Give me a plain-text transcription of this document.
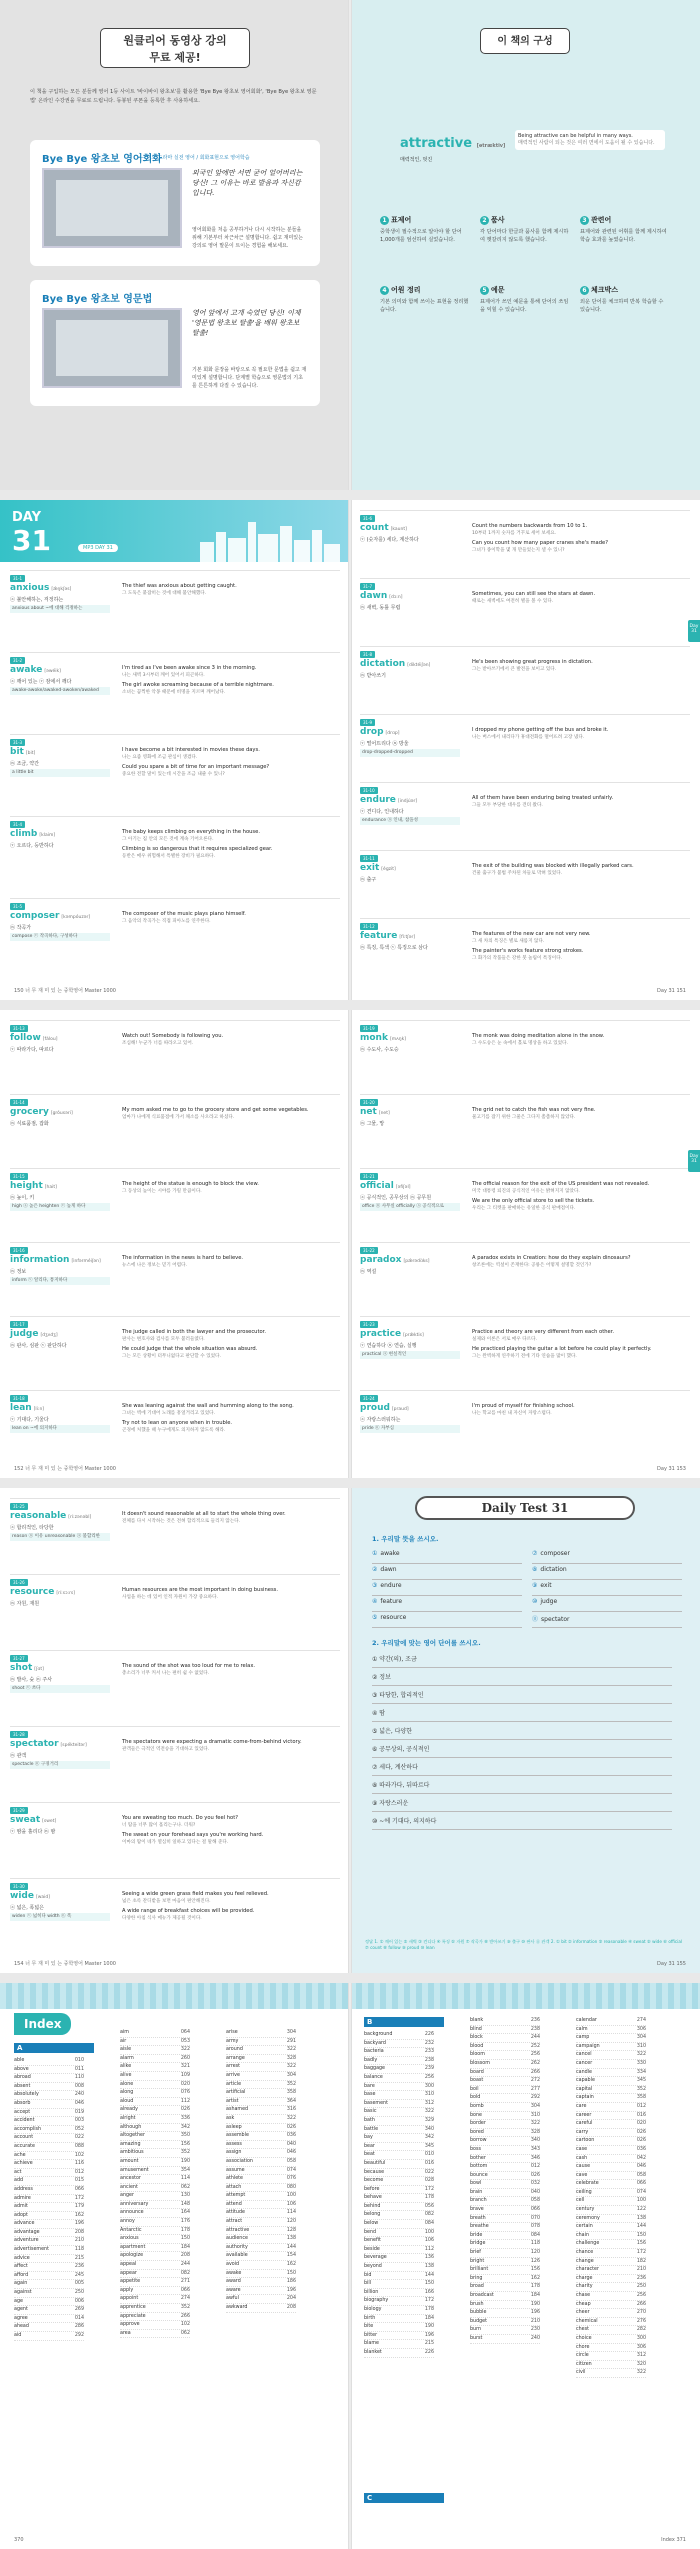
원클리어 동영상 강의
무료 제공!
이 책을 구입하는 모든 분들께 영어 1등 사이트 '바이바이 왕초보'를 활용한 'Bye Bye 왕초보 영어회화', 'Bye Bye 왕초보 영문법' 온라인 수강권을 무료로 드립니다. 동봉된 쿠폰을 등록한 후 사용하세요.
Bye Bye 왕초보 영어회화
— 미드 드라마 실전 영어 / 회화표현으로 영어학습
외국인 앞에만 서면 굳어 얼어버리는 당신! 그 이유는 바로 발음과 자신감입니다.
영어회화를 처음 공부하거나 다시 시작하는 분들을 위해 기본부터 차근차근 설명합니다. 쉽고 재미있는 강의로 영어 말문이 트이는 경험을 해보세요.
Bye Bye 왕초보 영문법
영어 앞에서 고개 숙였던 당신! 이제 '영문법 왕초보 탈출'을 배워 왕초보 탈출!
기본 회화 문장을 바탕으로 꼭 필요한 문법을 쉽고 재미있게 설명합니다. 단계별 학습으로 영문법의 기초를 튼튼하게 다질 수 있습니다.
이 책의 구성
attractive [ətræktiv]
매력적인, 멋진
Being attractive can be helpful in many ways.
매력적인 사람이 되는 것은 여러 면에서 도움이 될 수 있습니다.
1 표제어
중학생이 필수적으로 알아야 할 단어 1,000개를 엄선하여 실었습니다.
2 품사
각 단어마다 한글과 품사를 함께 제시하여 헷갈리지 않도록 했습니다.
3 관련어
표제어와 관련된 어휘를 함께 제시하여 학습 효과를 높였습니다.
4 어원 정리
기본 의미와 함께 쓰이는 표현을 정리했습니다.
5 예문
표제어가 쓰인 예문을 통해 단어의 쓰임을 익힐 수 있습니다.
6 체크박스
외운 단어를 체크하며 반복 학습할 수 있습니다.
DAY
31	MP3 DAY 31
31-1
anxious [ǽŋkʃəs]
ⓐ 불안해하는, 걱정하는
anxious about ~에 대해 걱정하는
The thief was anxious about getting caught.
그 도둑은 붙잡히는 것에 대해 불안해했다.
31-2
awake [əwéik]
ⓐ 깨어 있는 ⓥ 잠에서 깨다
awake-awoke/awaked-awoken/awaked
I'm tired as I've been awake since 3 in the morning.
나는 새벽 3시부터 깨어 있어서 피곤하다.
The girl awoke screaming because of a terrible nightmare.
소녀는 끔찍한 악몽 때문에 비명을 지르며 깨어났다.
31-3
bit [bit]
ⓝ 조금, 약간
a little bit
I have become a bit interested in movies these days.
나는 요즘 영화에 조금 관심이 생겼다.
Could you spare a bit of time for an important message?
중요한 전할 말이 있는데 시간을 조금 내줄 수 있니?
31-4
climb [klaim]
ⓥ 오르다, 등반하다
The baby keeps climbing on everything in the house.
그 아기는 집 안의 모든 것에 계속 기어오른다.
Climbing is so dangerous that it requires specialized gear.
등반은 매우 위험해서 특별한 장비가 필요하다.
31-5
composer [kəmpóuzər]
ⓝ 작곡가
compose ⓥ 작곡하다, 구성하다
The composer of the music plays piano himself.
그 음악의 작곡가는 직접 피아노를 연주한다.
150 너 무 재 미 있 는 중학영어 Master 1000
31-6
count [kaunt]
ⓥ (숫자를) 세다, 계산하다
Count the numbers backwards from 10 to 1.
10부터 1까지 숫자를 거꾸로 세어 보세요.
Can you count how many paper cranes she's made?
그녀가 종이학을 몇 개 만들었는지 셀 수 있니?
31-7
dawn [dɔːn]
ⓝ 새벽, 동틀 무렵
Sometimes, you can still see the stars at dawn.
때로는 새벽에도 여전히 별을 볼 수 있다.
31-8
dictation [diktéiʃən]
ⓝ 받아쓰기
He's been showing great progress in dictation.
그는 받아쓰기에서 큰 발전을 보이고 있다.
31-9
drop [drɑp]
ⓥ 떨어뜨리다 ⓝ 방울
drop-dropped-dropped
I dropped my phone getting off the bus and broke it.
나는 버스에서 내리다가 휴대전화를 떨어뜨려 고장 냈다.
31-10
endure [indjúər]
ⓥ 견디다, 인내하다
endurance ⓝ 인내, 참을성
All of them have been enduring being treated unfairly.
그들 모두 부당한 대우를 견뎌 왔다.
31-11
exit [égzit]
ⓝ 출구
The exit of the building was blocked with illegally parked cars.
건물 출구가 불법 주차된 차들로 막혀 있었다.
31-12
feature [fíːtʃər]
ⓝ 특징, 특색 ⓥ 특징으로 삼다
The features of the new car are not very new.
그 새 차의 특징은 별로 새롭지 않다.
The painter's works feature strong strokes.
그 화가의 작품들은 강한 붓 놀림이 특징이다.
Day 31
Day 31 151
31-13
follow [fálou]
ⓥ 따라가다, 따르다
Watch out! Somebody is following you.
조심해! 누군가 너를 따라오고 있어.
31-14
grocery [gróusəri]
ⓝ 식료품점, 잡화
My mom asked me to go to the grocery store and get some vegetables.
엄마가 나에게 식료품점에 가서 채소를 사오라고 하셨다.
31-15
height [hait]
ⓝ 높이, 키
high ⓐ 높은 heighten ⓥ 높게 하다
The height of the statue is enough to block the view.
그 동상의 높이는 시야를 가릴 만큼이다.
31-16
information [ìnfərméiʃən]
ⓝ 정보
inform ⓥ 알리다, 통지하다
The information in the news is hard to believe.
뉴스에 나온 정보는 믿기 어렵다.
31-17
judge [dʒʌdʒ]
ⓝ 판사, 심판 ⓥ 판단하다
The judge called in both the lawyer and the prosecutor.
판사는 변호사와 검사를 모두 불러들였다.
He could judge that the whole situation was absurd.
그는 모든 상황이 터무니없다고 판단할 수 있었다.
31-18
lean [liːn]
ⓥ 기대다, 기울다
lean on ~에 의지하다
She was leaning against the wall and humming along to the song.
그녀는 벽에 기대어 노래를 흥얼거리고 있었다.
Try not to lean on anyone when in trouble.
곤경에 처했을 때 누구에게도 의지하지 않도록 해라.
152 너 무 재 미 있 는 중학영어 Master 1000
31-19
monk [mʌŋk]
ⓝ 수도사, 수도승
The monk was doing meditation alone in the snow.
그 수도승은 눈 속에서 홀로 명상을 하고 있었다.
31-20
net [net]
ⓝ 그물, 망
The grid net to catch the fish was not very fine.
물고기를 잡기 위한 그물은 그다지 촘촘하지 않았다.
31-21
official [əfíʃəl]
ⓐ 공식적인, 공무상의 ⓝ 공무원
office ⓝ 사무실 officially ⓐ 공식적으로
The official reason for the exit of the US president was not revealed.
미국 대통령 퇴진의 공식적인 이유는 밝혀지지 않았다.
We are the only official store to sell the tickets.
우리는 그 티켓을 판매하는 유일한 공식 판매점이다.
31-22
paradox [pǽrədɑ̀ks]
ⓝ 역설
A paradox exists in Creation: how do they explain dinosaurs?
창조론에는 역설이 존재한다: 공룡은 어떻게 설명할 것인가?
31-23
practice [prǽktis]
ⓥ 연습하다 ⓝ 연습, 실행
practical ⓐ 현실적인
Practice and theory are very different from each other.
실제와 이론은 서로 매우 다르다.
He practiced playing the guitar a lot before he could play it perfectly.
그는 완벽하게 연주하기 전에 기타 연습을 많이 했다.
31-24
proud [praud]
ⓐ 자랑스러워하는
pride ⓝ 자부심
I'm proud of myself for finishing school.
나는 학교를 마친 내 자신이 자랑스럽다.
Day 31
Day 31 153
31-25
reasonable [ríːzənəbl]
ⓐ 합리적인, 타당한
reason ⓝ 이유 unreasonable ⓐ 불합리한
It doesn't sound reasonable at all to start the whole thing over.
전체를 다시 시작하는 것은 전혀 합리적으로 들리지 않는다.
31-26
resource [ríːsɔːrs]
ⓝ 자원, 재원
Human resources are the most important in doing business.
사업을 하는 데 있어 인적 자원이 가장 중요하다.
31-27
shot [ʃɑt]
ⓝ 발사, 슛 ⓝ 주사
shoot ⓥ 쏘다
The sound of the shot was too loud for me to relax.
총소리가 너무 커서 나는 편히 쉴 수 없었다.
31-28
spectator [spékteitər]
ⓝ 관객
spectacle ⓝ 구경거리
The spectators were expecting a dramatic come-from-behind victory.
관객들은 극적인 역전승을 기대하고 있었다.
31-29
sweat [swet]
ⓥ 땀을 흘리다 ⓝ 땀
You are sweating too much. Do you feel hot?
너 땀을 너무 많이 흘리는구나. 더워?
The sweat on your forehead says you're working hard.
이마의 땀이 네가 열심히 일하고 있다는 걸 말해 준다.
31-30
wide [waid]
ⓐ 넓은, 폭넓은
widen ⓥ 넓히다 width ⓝ 폭
Seeing a wide green grass field makes you feel relieved.
넓은 초록 잔디밭을 보면 마음이 편안해진다.
A wide range of breakfast choices will be provided.
다양한 아침 식사 메뉴가 제공될 것이다.
154 너 무 재 미 있 는 중학영어 Master 1000
Daily Test 31
1. 우리말 뜻을 쓰시오.
① awake	⑦ composer
② dawn	⑧ dictation
③ endure	⑨ exit
④ feature	⑩ judge
⑤ resource	⑪ spectator
2. 우리말에 맞는 영어 단어를 쓰시오.
① 약간(의), 조금
② 정보
③ 타당한, 합리적인
④ 땀
⑤ 넓은, 다양한
⑥ 공무상의, 공식적인
⑦ 세다, 계산하다
⑧ 따라가다, 뒤따르다
⑨ 자랑스러운
⑩ ~에 기대다, 의지하다
정답 1. ① 깨어 있는 ② 새벽 ③ 견디다 ④ 특징 ⑤ 자원 ⑦ 작곡가 ⑧ 받아쓰기 ⑨ 출구 ⑩ 판사 ⑪ 관객 2. ① bit ② information ③ reasonable ④ sweat ⑤ wide ⑥ official ⑦ count ⑧ follow ⑨ proud ⑩ lean
Day 31 155
Index
A
able	010
above	011
abroad	110
absent	008
absolutely	240
absorb	046
accept	019
accident	003
accomplish	052
account	022
accurate	088
ache	102
achieve	116
act	012
add	015
address	066
admire	172
admit	179
adopt	162
advance	196
advantage	208
adventure	210
advertisement	118
advice	215
affect	236
afford	245
again	005
against	250
age	006
agent	269
agree	014
ahead	286
aid	292
aim	064
air	053
aisle	322
alarm	260
alike	321
alive	109
alone	020
along	076
aloud	112
already	026
alright	336
although	342
altogether	350
amazing	156
ambitious	352
amount	190
amusement	354
ancestor	114
ancient	062
anger	130
anniversary	148
announce	164
annoy	176
Antarctic	178
anxious	150
apartment	184
apologize	208
appeal	244
appear	082
appetite	271
apply	066
appoint	274
apprentice	352
appreciate	266
approve	102
area	062
arise	304
army	291
around	322
arrange	328
arrest	322
arrive	304
article	352
artificial	358
artist	364
ashamed	316
ask	322
asleep	026
assemble	036
assess	040
assign	046
association	058
assume	074
athlete	076
attach	080
attempt	100
attend	106
attitude	114
attract	120
attractive	128
audience	138
authority	144
available	154
avoid	162
awake	150
award	186
aware	196
awful	204
awkward	208
370
B
C
background	226
backyard	232
bacteria	233
badly	238
baggage	239
balance	256
bare	300
base	310
basement	312
basic	322
bath	329
battle	340
bay	342
bear	345
beat	010
beautiful	016
because	022
become	028
before	172
behave	178
behind	056
belong	082
below	084
bend	100
benefit	106
beside	112
beverage	136
beyond	138
bid	144
bill	150
billion	166
biography	172
biology	178
birth	184
bite	190
bitter	196
blame	215
blanket	226
blank	236
blind	238
block	244
blood	252
bloom	256
blossom	262
board	266
boast	272
boil	277
bold	292
bomb	304
bone	310
border	322
bored	328
borrow	340
boss	343
bother	346
bottom	012
bounce	026
bowl	032
brain	040
branch	058
brave	066
breath	070
breathe	078
bride	084
bridge	118
brief	120
bright	126
brilliant	156
bring	162
broad	178
broadcast	184
brush	190
bubble	196
budget	210
burn	230
burst	240
calendar	274
calm	306
camp	304
campaign	310
cancel	322
cancer	330
candle	334
capable	345
capital	352
captain	358
care	012
career	016
careful	020
carry	026
cartoon	026
case	036
cash	042
cause	046
cave	058
celebrate	066
ceiling	074
cell	100
century	122
ceremony	138
certain	144
chain	150
challenge	156
chance	172
change	182
character	210
charge	236
charity	250
chase	256
cheap	266
cheer	270
chemical	276
chest	282
choice	300
chore	306
circle	312
citizen	320
civil	322
Index 371
